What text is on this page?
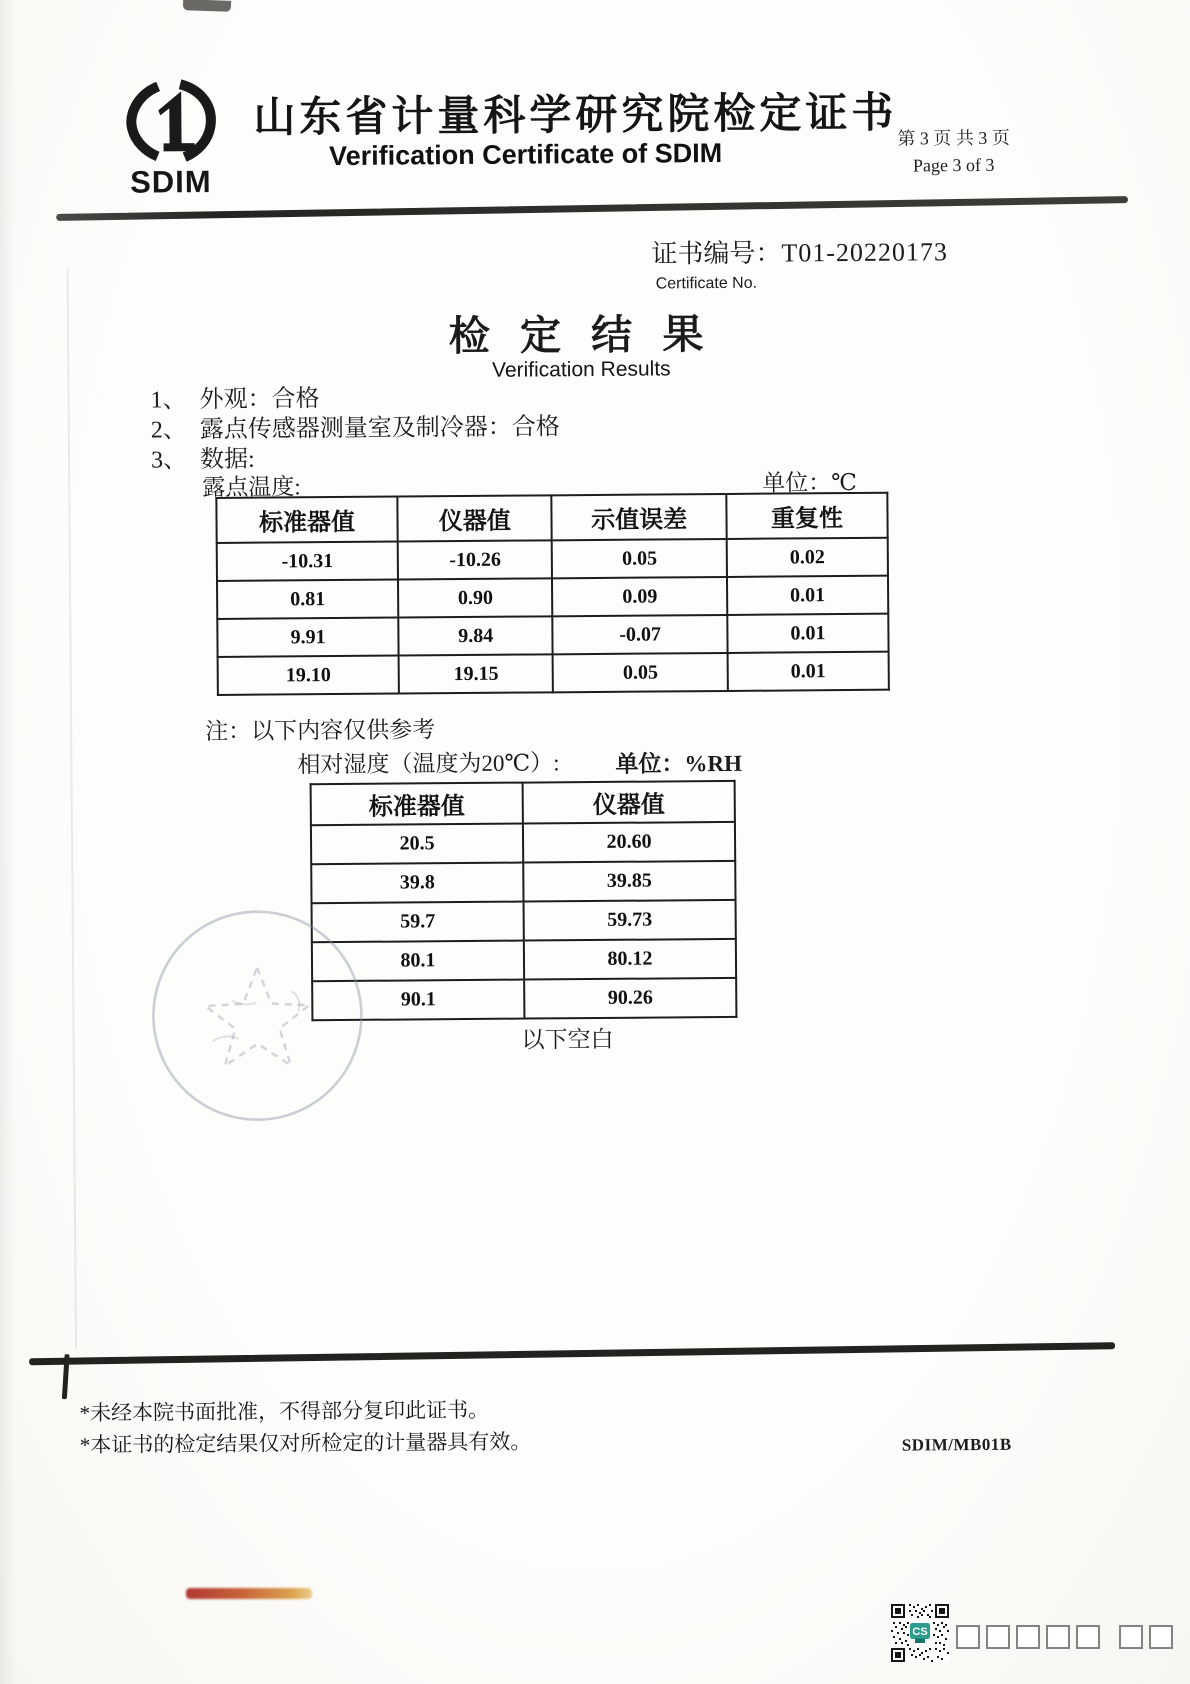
SDIM
山东省计量科学研究院检定证书
Verification Certificate of SDIM	第 3 页 共 3 页
Page 3 of 3
证书编号：T01-20220173
Certificate No.
检 定 结 果
Verification Results
1、 外观：合格
2、 露点传感器测量室及制冷器：合格
3、 数据:
露点温度:	单位：℃
标准器值	仪器值	示值误差	重复性
-10.31	-10.26	0.05	0.02
0.81	0.90	0.09	0.01
9.91	9.84	-0.07	0.01
19.10	19.15	0.05	0.01
注：以下内容仅供参考
相对湿度（温度为20℃）: 单位：%RH
标准器值	仪器值
20.5	20.60
39.8	39.85
59.7	59.73
80.1	80.12
90.1	90.26
以下空白
*未经本院书面批准，不得部分复印此证书。
*本证书的检定结果仅对所检定的计量器具有效。	SDIM/MB01B
CS
